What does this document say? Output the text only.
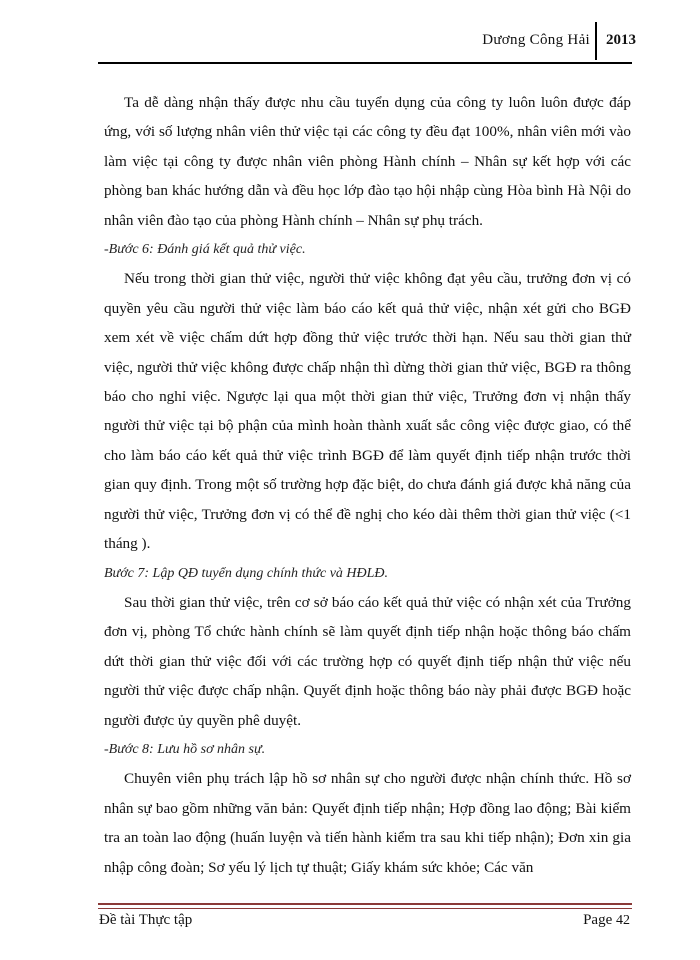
Dương Công Hải 2013

Ta dễ dàng nhận thấy được nhu cầu tuyển dụng của công ty luôn luôn được đáp ứng, với số lượng nhân viên thử việc tại các công ty đều đạt 100%, nhân viên mới vào làm việc tại công ty được nhân viên phòng Hành chính – Nhân sự kết hợp với các phòng ban khác hướng dẫn và đều học lớp đào tạo hội nhập cùng Hòa bình Hà Nội do nhân viên đào tạo của phòng Hành chính – Nhân sự phụ trách.

-Bước 6: Đánh giá kết quả thử việc.

Nếu trong thời gian thử việc, người thử việc không đạt yêu cầu, trưởng đơn vị có quyền yêu cầu người thử việc làm báo cáo kết quả thử việc, nhận xét gửi cho BGĐ xem xét về việc chấm dứt hợp đồng thử việc trước thời hạn. Nếu sau thời gian thử việc, người thử việc không được chấp nhận thì dừng thời gian thử việc, BGĐ ra thông báo cho nghỉ việc. Ngược lại qua một thời gian thử việc, Trưởng đơn vị nhận thấy người thử việc tại bộ phận của mình hoàn thành xuất sắc công việc được giao, có thể cho làm báo cáo kết quả thử việc trình BGĐ để làm quyết định tiếp nhận trước thời gian quy định. Trong một số trường hợp đặc biệt, do chưa đánh giá được khả năng của người thử việc, Trưởng đơn vị có thể đề nghị cho kéo dài thêm thời gian thử việc (<1 tháng ).

Bước 7: Lập QĐ tuyển dụng chính thức và HĐLĐ.

Sau thời gian thử việc, trên cơ sở báo cáo kết quả thử việc có nhận xét của Trưởng đơn vị, phòng Tổ chức hành chính sẽ làm quyết định tiếp nhận hoặc thông báo chấm dứt thời gian thử việc đối với các trường hợp có quyết định tiếp nhận thử việc nếu người thử việc được chấp nhận. Quyết định hoặc thông báo này phải được BGĐ hoặc người được ủy quyền phê duyệt.

-Bước 8: Lưu hồ sơ nhân sự.

Chuyên viên phụ trách lập hồ sơ nhân sự cho người được nhận chính thức. Hồ sơ nhân sự bao gồm những văn bản: Quyết định tiếp nhận; Hợp đồng lao động; Bài kiểm tra an toàn lao động (huấn luyện và tiến hành kiểm tra sau khi tiếp nhận); Đơn xin gia nhập công đoàn; Sơ yếu lý lịch tự thuật; Giấy khám sức khỏe; Các văn

Đề tài Thực tập	Page 42
